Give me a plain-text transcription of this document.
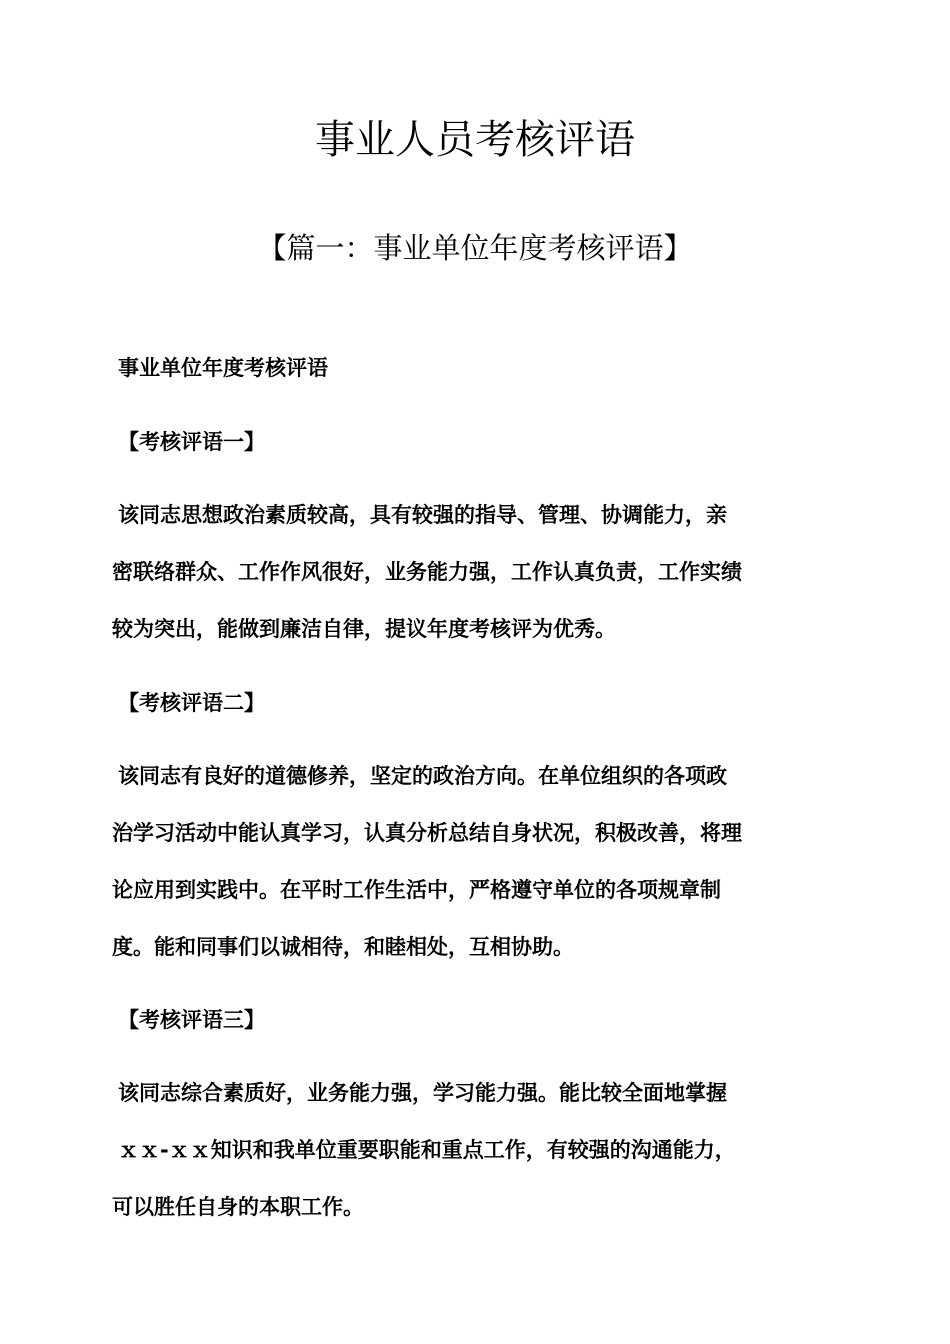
事业人员考核评语
【篇一：事业单位年度考核评语】

事业单位年度考核评语

【考核评语一】

该同志思想政治素质较高，具有较强的指导、管理、协调能力，亲

密联络群众、工作作风很好，业务能力强，工作认真负责，工作实绩

较为突出，能做到廉洁自律，提议年度考核评为优秀。

【考核评语二】

该同志有良好的道德修养，坚定的政治方向。在单位组织的各项政

治学习活动中能认真学习，认真分析总结自身状况，积极改善，将理

论应用到实践中。在平时工作生活中，严格遵守单位的各项规章制

度。能和同事们以诚相待，和睦相处，互相协助。

【考核评语三】

该同志综合素质好，业务能力强，学习能力强。能比较全面地掌握

ｘｘ-ｘｘ知识和我单位重要职能和重点工作，有较强的沟通能力，

可以胜任自身的本职工作。
